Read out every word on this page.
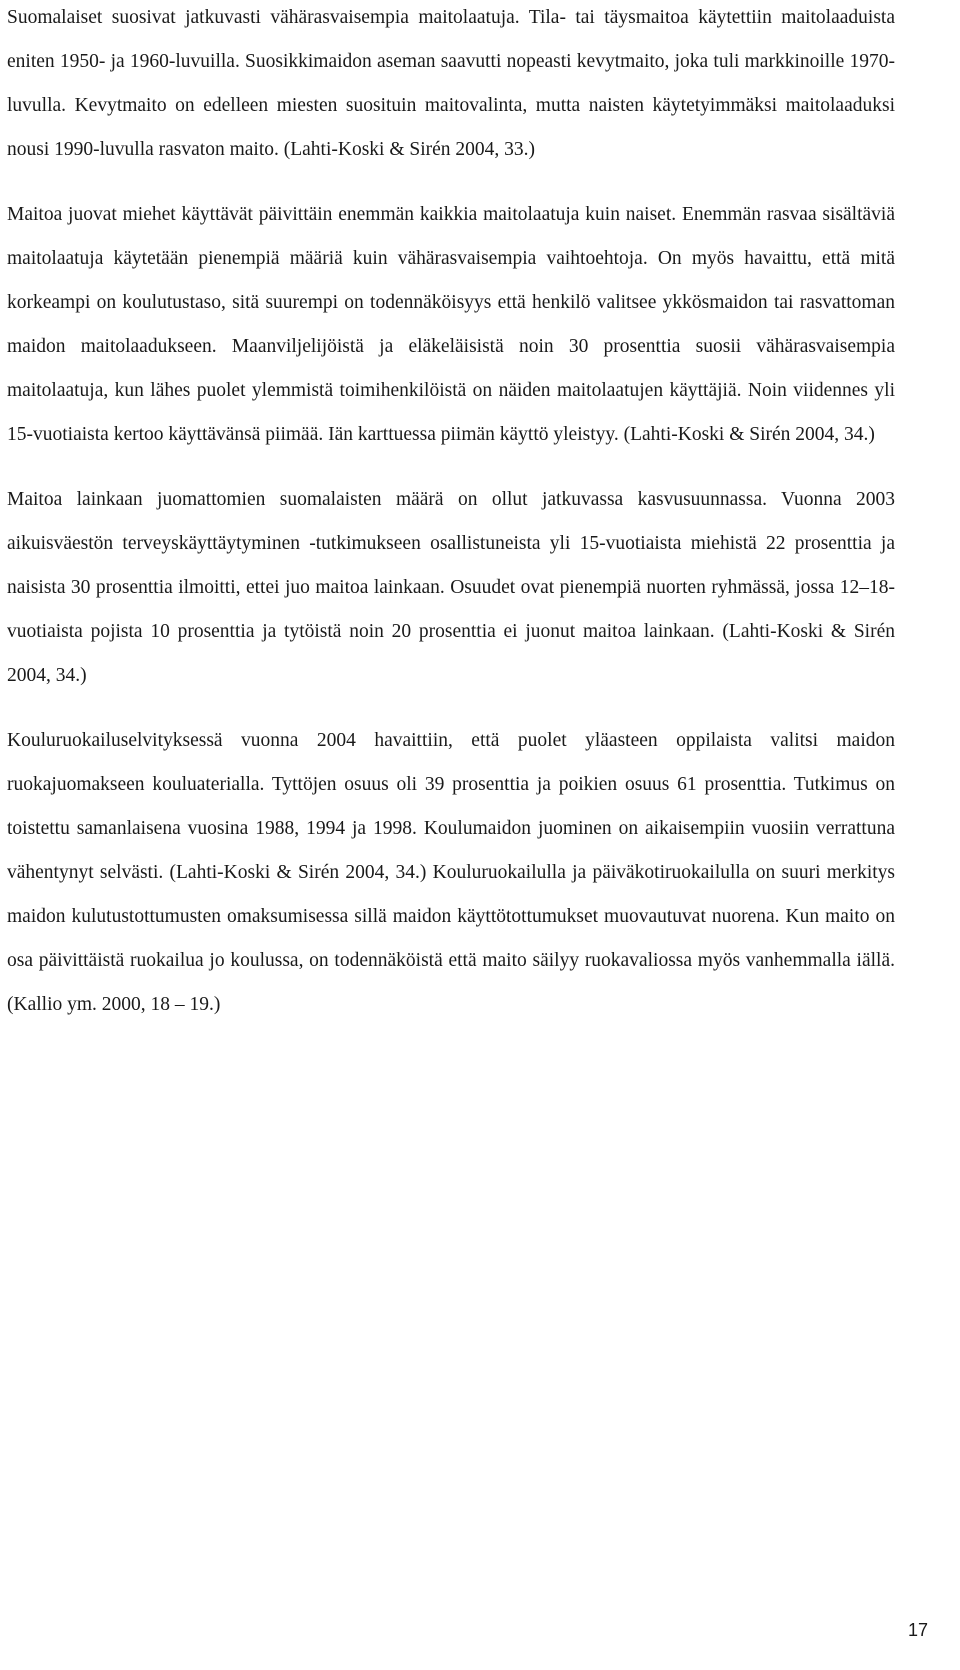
Suomalaiset suosivat jatkuvasti vähärasvaisempia maitolaatuja. Tila- tai täysmaitoa käytettiin maitolaaduista eniten 1950- ja 1960-luvuilla. Suosikkimaidon aseman saavutti nopeasti kevytmaito, joka tuli markkinoille 1970-luvulla. Kevytmaito on edelleen miesten suosituin maitovalinta, mutta naisten käytetyimmäksi maitolaaduksi nousi 1990-luvulla rasvaton maito. (Lahti-Koski & Sirén 2004, 33.)

Maitoa juovat miehet käyttävät päivittäin enemmän kaikkia maitolaatuja kuin naiset. Enemmän rasvaa sisältäviä maitolaatuja käytetään pienempiä määriä kuin vähärasvaisempia vaihtoehtoja. On myös havaittu, että mitä korkeampi on koulutustaso, sitä suurempi on todennäköisyys että henkilö valitsee ykkösmaidon tai rasvattoman maidon maitolaadukseen. Maanviljelijöistä ja eläkeläisistä noin 30 prosenttia suosii vähärasvaisempia maitolaatuja, kun lähes puolet ylemmistä toimihenkilöistä on näiden maitolaatujen käyttäjiä. Noin viidennes yli 15-vuotiaista kertoo käyttävänsä piimää. Iän karttuessa piimän käyttö yleistyy. (Lahti-Koski & Sirén 2004, 34.)

Maitoa lainkaan juomattomien suomalaisten määrä on ollut jatkuvassa kasvusuunnassa. Vuonna 2003 aikuisväestön terveyskäyttäytyminen -tutkimukseen osallistuneista yli 15-vuotiaista miehistä 22 prosenttia ja naisista 30 prosenttia ilmoitti, ettei juo maitoa lainkaan. Osuudet ovat pienempiä nuorten ryhmässä, jossa 12–18-vuotiaista pojista 10 prosenttia ja tytöistä noin 20 prosenttia ei juonut maitoa lainkaan. (Lahti-Koski & Sirén 2004, 34.)

Kouluruokailuselvityksessä vuonna 2004 havaittiin, että puolet yläasteen oppilaista valitsi maidon ruokajuomakseen kouluaterialla. Tyttöjen osuus oli 39 prosenttia ja poikien osuus 61 prosenttia. Tutkimus on toistettu samanlaisena vuosina 1988, 1994 ja 1998. Koulumaidon juominen on aikaisempiin vuosiin verrattuna vähentynyt selvästi. (Lahti-Koski & Sirén 2004, 34.) Kouluruokailulla ja päiväkotiruokailulla on suuri merkitys maidon kulutustottumusten omaksumisessa sillä maidon käyttötottumukset muovautuvat nuorena. Kun maito on osa päivittäistä ruokailua jo koulussa, on todennäköistä että maito säilyy ruokavaliossa myös vanhemmalla iällä. (Kallio ym. 2000, 18 – 19.)

17
